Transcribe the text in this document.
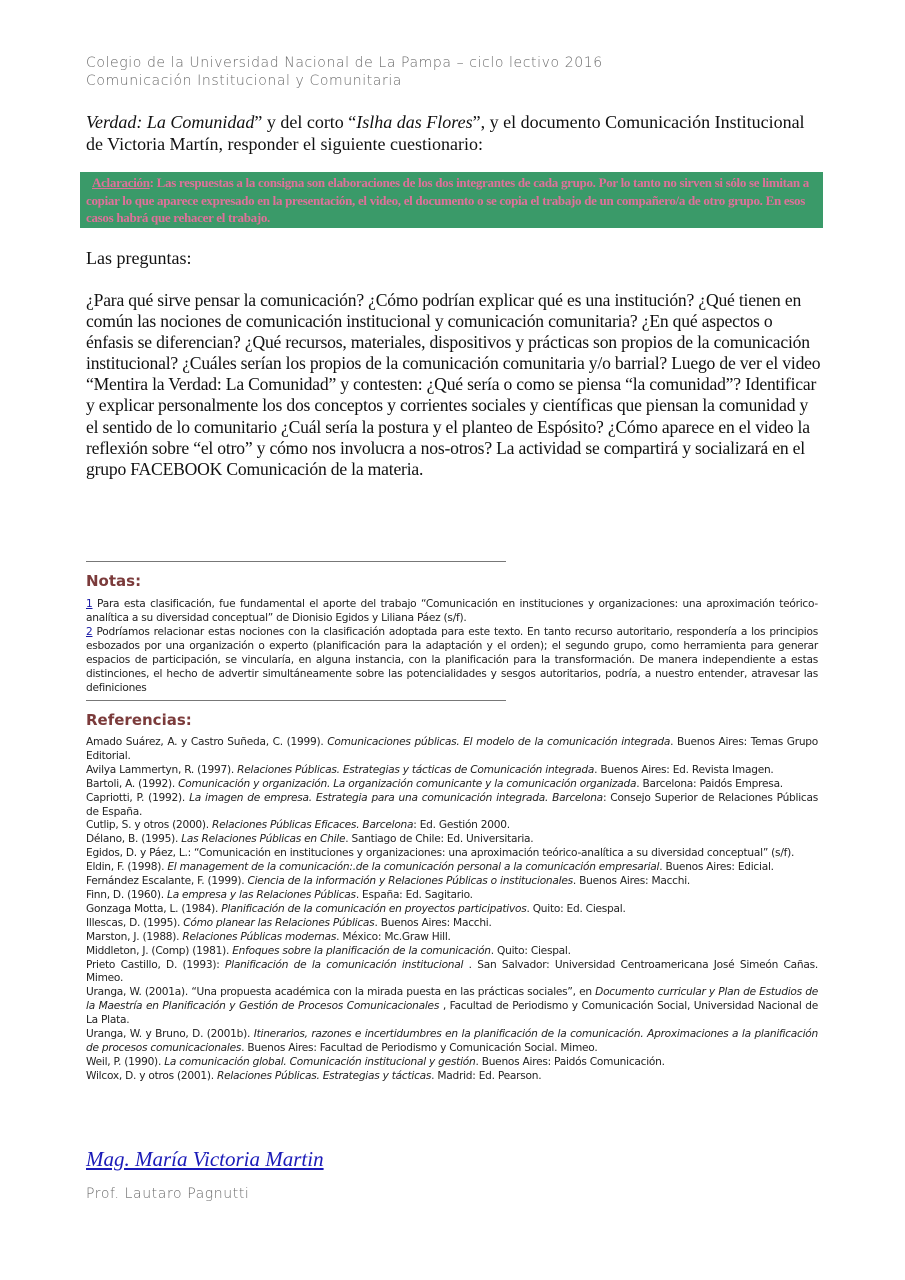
Colegio de la Universidad Nacional de La Pampa – ciclo lectivo 2016
Comunicación Institucional y Comunitaria
Verdad: La Comunidad” y del corto “Islha das Flores”, y el documento Comunicación Institucional de Victoria Martín, responder el siguiente cuestionario:
Aclaración: Las respuestas a la consigna son elaboraciones de los dos integrantes de cada grupo. Por lo tanto no sirven si sólo se limitan a copiar lo que aparece expresado en la presentación, el video, el documento o se copia el trabajo de un compañero/a de otro grupo. En esos casos habrá que rehacer el trabajo.
Las preguntas:
¿Para qué sirve pensar la comunicación? ¿Cómo podrían explicar qué es una institución? ¿Qué tienen en común las nociones de comunicación institucional y comunicación comunitaria? ¿En qué aspectos o énfasis se diferencian? ¿Qué recursos, materiales, dispositivos y prácticas son propios de la comunicación institucional? ¿Cuáles serían los propios de la comunicación comunitaria y/o barrial? Luego de ver el video “Mentira la Verdad: La Comunidad” y contesten: ¿Qué sería o como se piensa “la comunidad”? Identificar y explicar personalmente los dos conceptos y corrientes sociales y científicas que piensan la comunidad y el sentido de lo comunitario ¿Cuál sería la postura y el planteo de Espósito? ¿Cómo aparece en el video la reflexión sobre “el otro” y cómo nos involucra a nos-otros? La actividad se compartirá y socializará en el grupo FACEBOOK Comunicación de la materia.
Notas:

1 Para esta clasificación, fue fundamental el aporte del trabajo “Comunicación en instituciones y organizaciones: una aproximación teórico-analítica a su diversidad conceptual” de Dionisio Egidos y Liliana Páez (s/f).

2 Podríamos relacionar estas nociones con la clasificación adoptada para este texto. En tanto recurso autoritario, respondería a los principios esbozados por una organización o experto (planificación para la adaptación y el orden); el segundo grupo, como herramienta para generar espacios de participación, se vincularía, en alguna instancia, con la planificación para la transformación. De manera independiente a estas distinciones, el hecho de advertir simultáneamente sobre las potencialidades y sesgos autoritarios, podría, a nuestro entender, atravesar las definiciones

Referencias:

Amado Suárez, A. y Castro Suñeda, C. (1999). Comunicaciones públicas. El modelo de la comunicación integrada. Buenos Aires: Temas Grupo Editorial.

Avilya Lammertyn, R. (1997). Relaciones Públicas. Estrategias y tácticas de Comunicación integrada. Buenos Aires: Ed. Revista Imagen.

Bartoli, A. (1992). Comunicación y organización. La organización comunicante y la comunicación organizada. Barcelona: Paidós Empresa.

Capriotti, P. (1992). La imagen de empresa. Estrategia para una comunicación integrada. Barcelona: Consejo Superior de Relaciones Públicas de España.

Cutlip, S. y otros (2000). Relaciones Públicas Eficaces. Barcelona: Ed. Gestión 2000.

Délano, B. (1995). Las Relaciones Públicas en Chile. Santiago de Chile: Ed. Universitaria.

Egidos, D. y Páez, L.: “Comunicación en instituciones y organizaciones: una aproximación teórico-analítica a su diversidad conceptual” (s/f).

Eldin, F. (1998). El management de la comunicación:.de la comunicación personal a la comunicación empresarial. Buenos Aires: Edicial.

Fernández Escalante, F. (1999). Ciencia de la información y Relaciones Públicas o institucionales. Buenos Aires: Macchi.

Finn, D. (1960). La empresa y las Relaciones Públicas. España: Ed. Sagitario.

Gonzaga Motta, L. (1984). Planificación de la comunicación en proyectos participativos. Quito: Ed. Ciespal.

Illescas, D. (1995). Cómo planear las Relaciones Públicas. Buenos Aires: Macchi.

Marston, J. (1988). Relaciones Públicas modernas. México: Mc.Graw Hill.

Middleton, J. (Comp) (1981). Enfoques sobre la planificación de la comunicación. Quito: Ciespal.

Prieto Castillo, D. (1993): Planificación de la comunicación institucional . San Salvador: Universidad Centroamericana José Simeón Cañas. Mimeo.

Uranga, W. (2001a). “Una propuesta académica con la mirada puesta en las prácticas sociales”, en Documento curricular y Plan de Estudios de la Maestría en Planificación y Gestión de Procesos Comunicacionales , Facultad de Periodismo y Comunicación Social, Universidad Nacional de La Plata.

Uranga, W. y Bruno, D. (2001b). Itinerarios, razones e incertidumbres en la planificación de la comunicación. Aproximaciones a la planificación de procesos comunicacionales. Buenos Aires: Facultad de Periodismo y Comunicación Social. Mimeo.

Weil, P. (1990). La comunicación global. Comunicación institucional y gestión. Buenos Aires: Paidós Comunicación.

Wilcox, D. y otros (2001). Relaciones Públicas. Estrategias y tácticas. Madrid: Ed. Pearson.

Mag. María Victoria Martin
Prof. Lautaro Pagnutti
